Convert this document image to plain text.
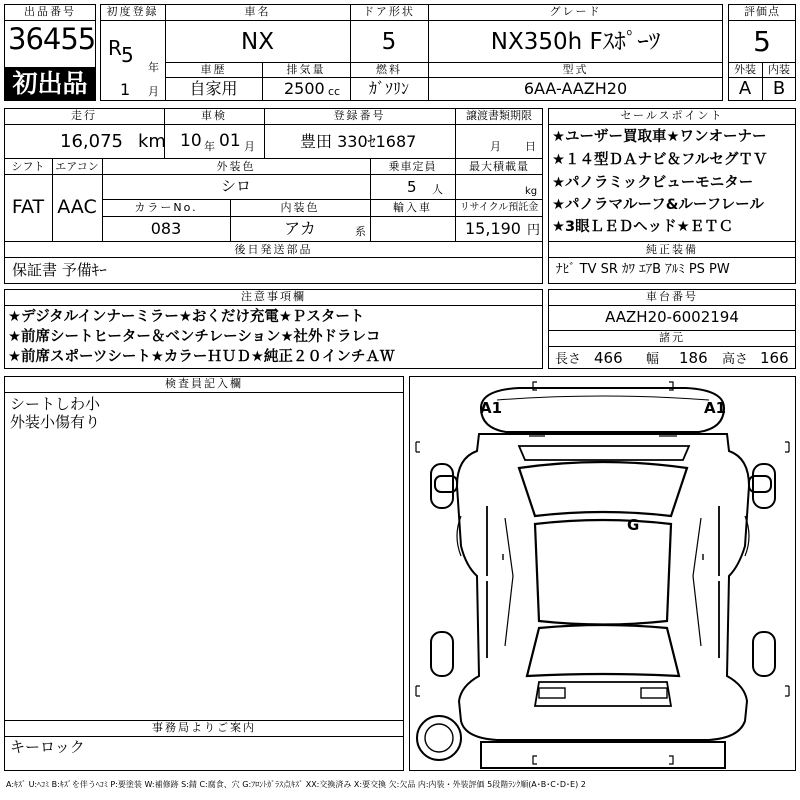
出品番号
36455
初出品
初度登録
R 5
年
1 月
車名
NX
ドア形状
5
グレード
NX350h Fｽﾎﾟｰﾂ
車歴
自家用
排気量
2500 cc
燃料
ｶﾞｿﾘﾝ
型式
6AA-AAZH20
評価点
5
外装	内装
A	B
走行
16,075 km
車検
10 年 01 月
登録番号
豊田 330ｾ1687
譲渡書類期限
月 日
シフト
FAT
エアコン
AAC
外装色
シロ
乗車定員
5 人
最大積載量
kg
カラーNo.
083
内装色
アカ	系
輸入車	リサイクル預託金
15,190 円
後日発送部品
保証書 予備ｷｰ
セールスポイント
★ユーザー買取車★ワンオーナー
★１４型ＤＡナビ＆フルセグＴＶ
★パノラミックビューモニター
★パノラマルーフ&ルーフレール
★3眼ＬＥＤヘッド★ＥＴＣ
純正装備
ﾅﾋﾞ TV SR ｶﾜ ｴｱB ｱﾙﾐ PS PW
注意事項欄
★デジタルインナーミラー★おくだけ充電★Ｐスタート
★前席シートヒーター＆ベンチレーション★社外ドラレコ
★前席スポーツシート★カラーＨＵＤ★純正２０インチＡＷ
車台番号
AAZH20-6002194
諸元
長さ 466 幅 186 高さ 166
検査員記入欄
シートしわ小
外装小傷有り
事務局よりご案内
キーロック
A1	A1
G
A:ｷｽﾞ U:ﾍｺﾐ B:ｷｽﾞを伴うﾍｺﾐ P:要塗装 W:補修跡 S:錆 C:腐食、穴 G:ﾌﾛﾝﾄｶﾞﾗｽ点ｷｽﾞ XX:交換済み X:要交換 欠:欠品 内:内装・外装評価 5段階ﾗﾝｸ順(A･B･C･D･E) 2
